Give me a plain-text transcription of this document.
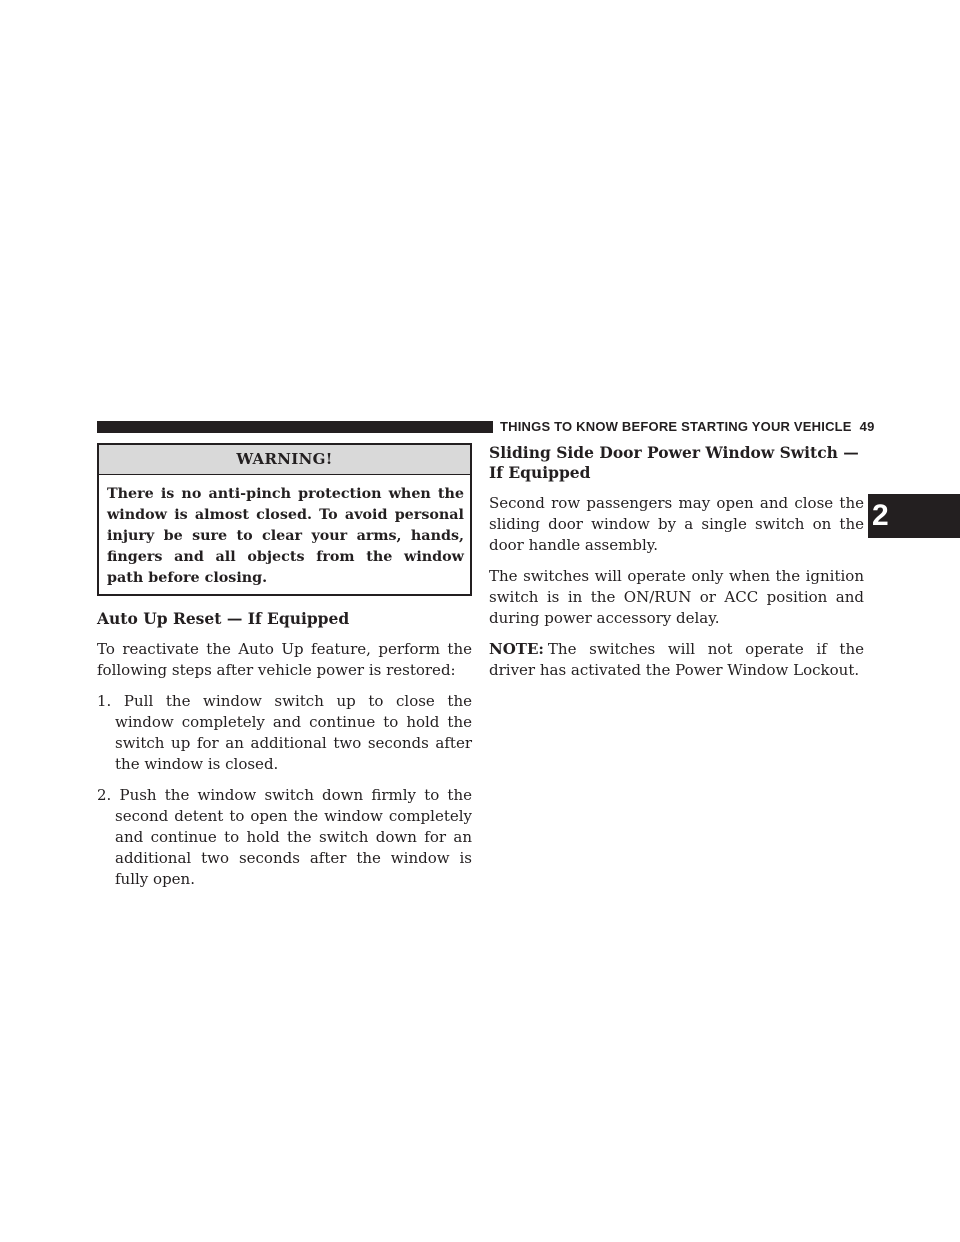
THINGS TO KNOW BEFORE STARTING YOUR VEHICLE 49
2
WARNING!
There is no anti-pinch protection when the window is almost closed. To avoid personal injury be sure to clear your arms, hands, fingers and all objects from the window path before closing.
Auto Up Reset — If Equipped

To reactivate the Auto Up feature, perform the following steps after vehicle power is restored:

1. Pull the window switch up to close the window completely and continue to hold the switch up for an additional two seconds after the window is closed.
2. Push the window switch down firmly to the second detent to open the window completely and continue to hold the switch down for an additional two seconds after the window is fully open.
Sliding Side Door Power Window Switch — If Equipped

Second row passengers may open and close the sliding door window by a single switch on the door handle assembly.

The switches will operate only when the ignition switch is in the ON/RUN or ACC position and during power accessory delay.

NOTE: The switches will not operate if the driver has activated the Power Window Lockout.
